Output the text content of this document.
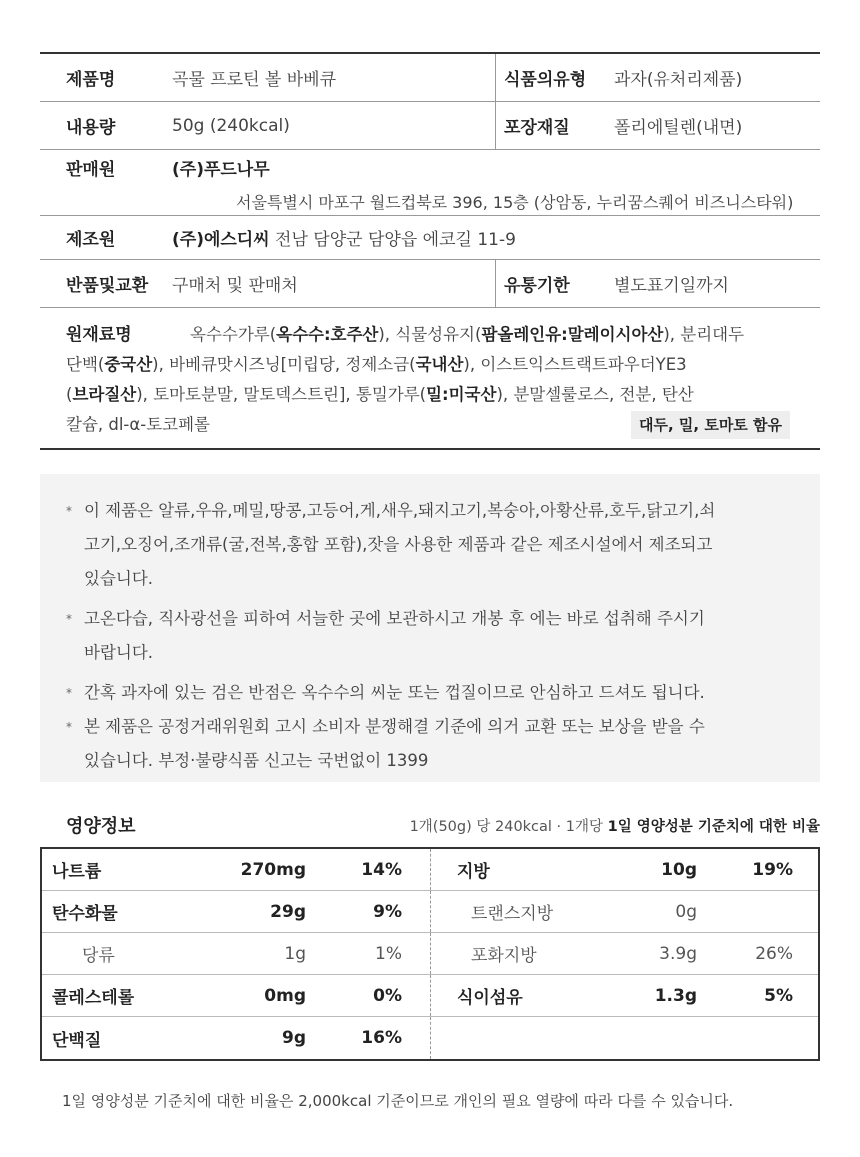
제품명	곡물 프로틴 볼 바베큐	식품의유형	과자(유처리제품)
내용량	50g (240kcal)	포장재질	폴리에틸렌(내면)
판매원	(주)푸드나무
서울특별시 마포구 월드컵북로 396, 15층 (상암동, 누리꿈스퀘어 비즈니스타워)
제조원	(주)에스디씨 전남 담양군 담양읍 에코길 11-9
반품및교환	구매처 및 판매처	유통기한	별도표기일까지
원재료명	옥수수가루(옥수수:호주산), 식물성유지(팜올레인유:말레이시아산), 분리대두
단백(중국산), 바베큐맛시즈닝[미립당, 정제소금(국내산), 이스트익스트랙트파우더YE3
(브라질산), 토마토분말, 말토덱스트린], 통밀가루(밀:미국산), 분말셀룰로스, 전분, 탄산
칼슘, dl-α-토코페롤	대두, 밀, 토마토 함유
* 이 제품은 알류,우유,메밀,땅콩,고등어,게,새우,돼지고기,복숭아,아황산류,호두,닭고기,쇠
고기,오징어,조개류(굴,전복,홍합 포함),잣을 사용한 제품과 같은 제조시설에서 제조되고
있습니다.
* 고온다습, 직사광선을 피하여 서늘한 곳에 보관하시고 개봉 후 에는 바로 섭취해 주시기
바랍니다.
* 간혹 과자에 있는 검은 반점은 옥수수의 씨눈 또는 껍질이므로 안심하고 드셔도 됩니다.
* 본 제품은 공정거래위원회 고시 소비자 분쟁해결 기준에 의거 교환 또는 보상을 받을 수
있습니다. 부정·불량식품 신고는 국번없이 1399
영양정보	1개(50g) 당 240kcal · 1개당 1일 영양성분 기준치에 대한 비율
나트륨	270mg	14%	지방	10g	19%
탄수화물	29g	9%	트랜스지방	0g
당류	1g	1%	포화지방	3.9g	26%
콜레스테롤	0mg	0%	식이섬유	1.3g	5%
단백질	9g	16%
1일 영양성분 기준치에 대한 비율은 2,000kcal 기준이므로 개인의 필요 열량에 따라 다를 수 있습니다.
